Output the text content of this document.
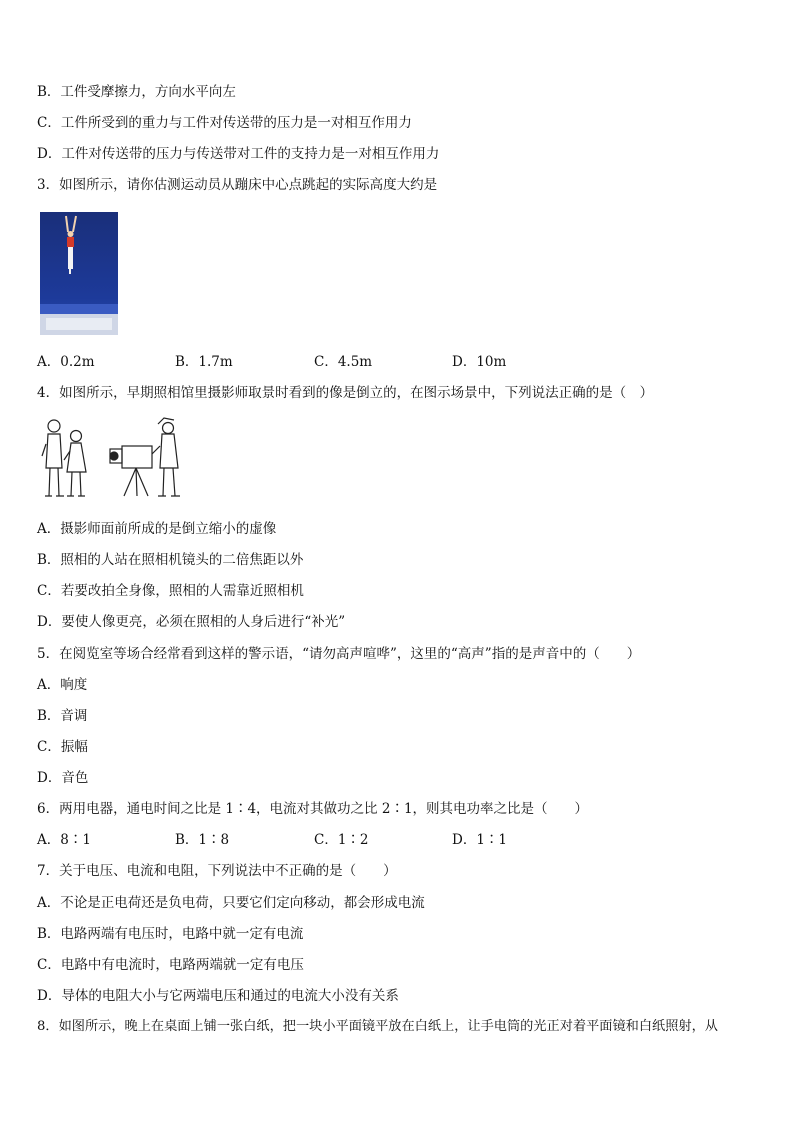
B．工件受摩擦力，方向水平向左
C．工件所受到的重力与工件对传送带的压力是一对相互作用力
D．工件对传送带的压力与传送带对工件的支持力是一对相互作用力
3．如图所示，请你估测运动员从蹦床中心点跳起的实际高度大约是
A．0.2m	B．1.7m	C．4.5m	D．10m
4．如图所示，早期照相馆里摄影师取景时看到的像是倒立的，在图示场景中，下列说法正确的是（　）
A．摄影师面前所成的是倒立缩小的虚像
B．照相的人站在照相机镜头的二倍焦距以外
C．若要改拍全身像，照相的人需靠近照相机
D．要使人像更亮，必须在照相的人身后进行“补光”
5．在阅览室等场合经常看到这样的警示语，“请勿高声喧哗”，这里的“高声”指的是声音中的（　　）
A．响度
B．音调
C．振幅
D．音色
6．两用电器，通电时间之比是 1∶4，电流对其做功之比 2∶1，则其电功率之比是（　　）
A．8∶1	B．1∶8	C．1∶2	D．1∶1
7．关于电压、电流和电阻，下列说法中不正确的是（　　）
A．不论是正电荷还是负电荷，只要它们定向移动，都会形成电流
B．电路两端有电压时，电路中就一定有电流
C．电路中有电流时，电路两端就一定有电压
D．导体的电阻大小与它两端电压和通过的电流大小没有关系
8．如图所示，晚上在桌面上铺一张白纸，把一块小平面镜平放在白纸上，让手电筒的光正对着平面镜和白纸照射，从
